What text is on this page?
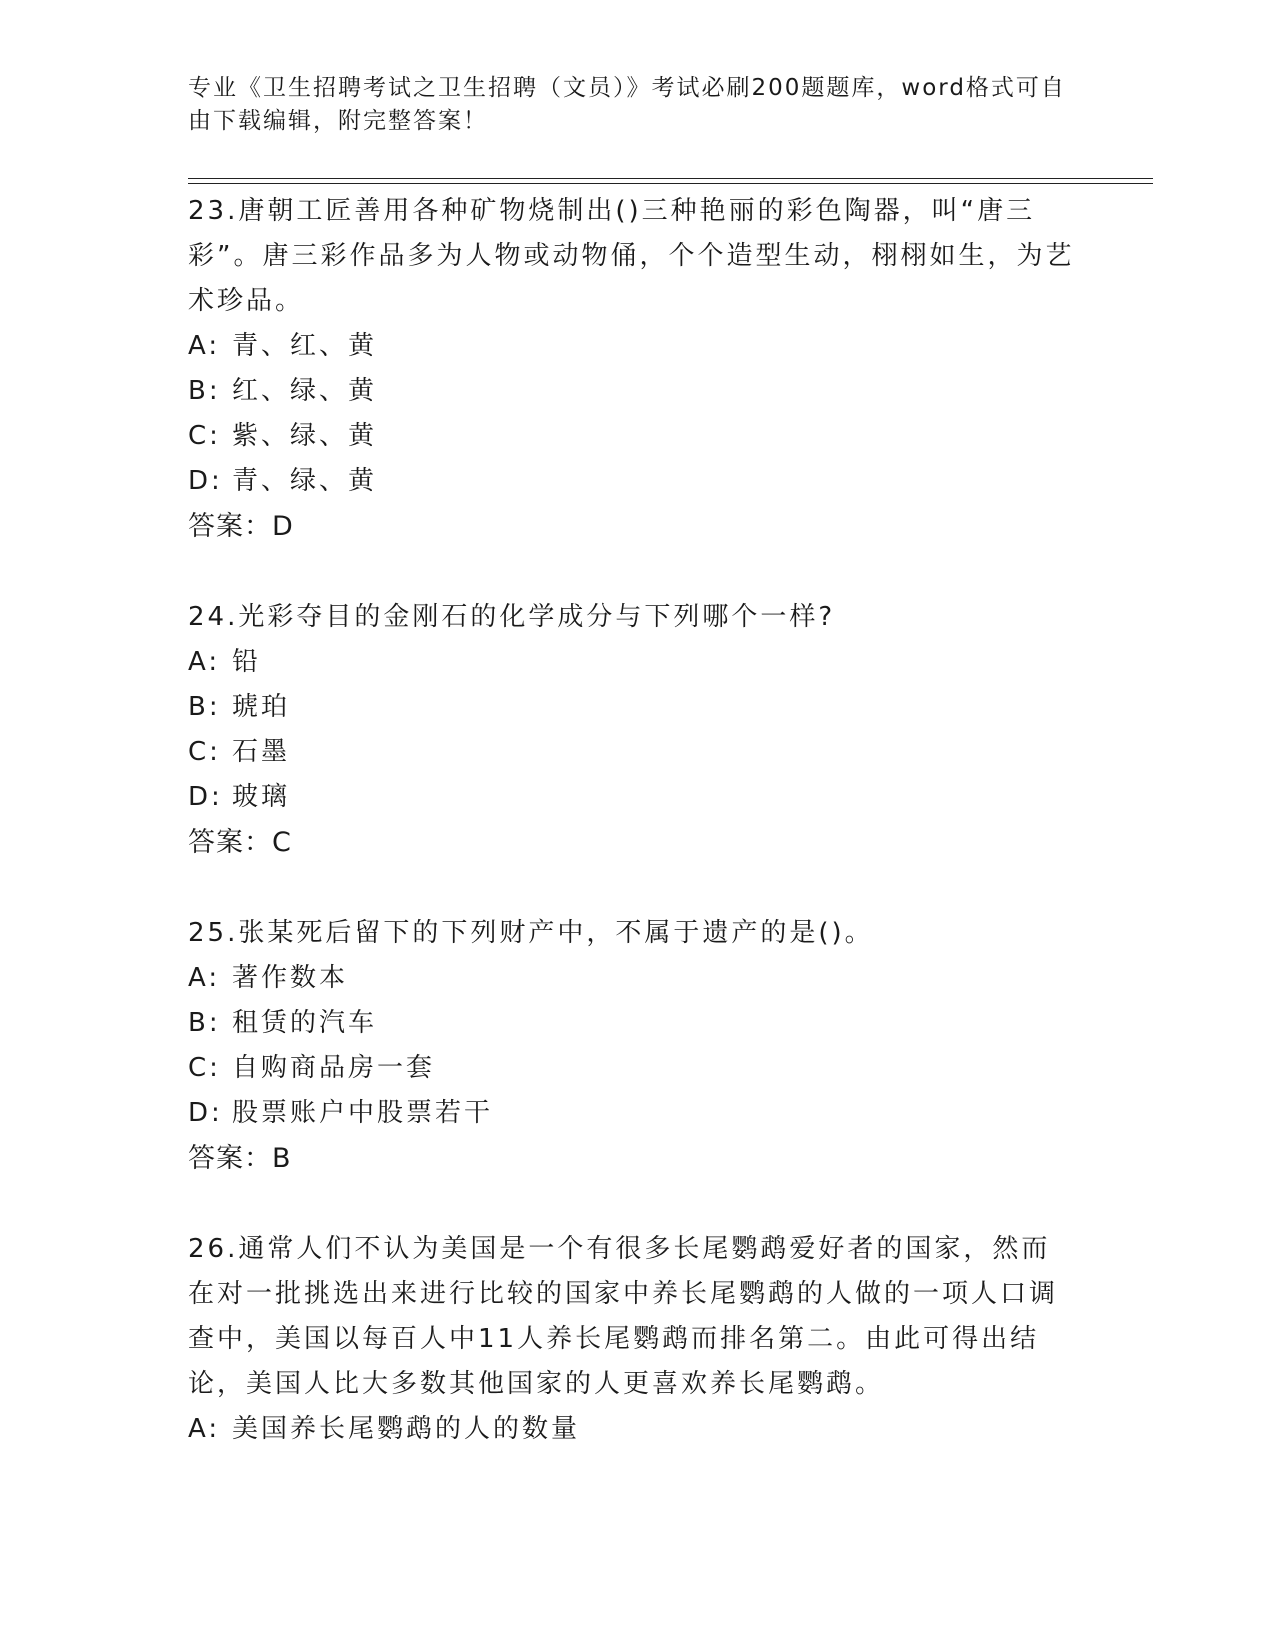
专业《卫生招聘考试之卫生招聘（文员）》考试必刷200题题库，word格式可自由下载编辑，附完整答案！

23.唐朝工匠善用各种矿物烧制出()三种艳丽的彩色陶器，叫“唐三彩”。唐三彩作品多为人物或动物俑，个个造型生动，栩栩如生，为艺术珍品。

A: 青、红、黄

B: 红、绿、黄

C: 紫、绿、黄

D: 青、绿、黄

答案：D

24.光彩夺目的金刚石的化学成分与下列哪个一样?

A: 铅

B: 琥珀

C: 石墨

D: 玻璃

答案：C

25.张某死后留下的下列财产中，不属于遗产的是()。

A: 著作数本

B: 租赁的汽车

C: 自购商品房一套

D: 股票账户中股票若干

答案：B

26.通常人们不认为美国是一个有很多长尾鹦鹉爱好者的国家，然而在对一批挑选出来进行比较的国家中养长尾鹦鹉的人做的一项人口调查中，美国以每百人中11人养长尾鹦鹉而排名第二。由此可得出结论，美国人比大多数其他国家的人更喜欢养长尾鹦鹉。

A: 美国养长尾鹦鹉的人的数量
